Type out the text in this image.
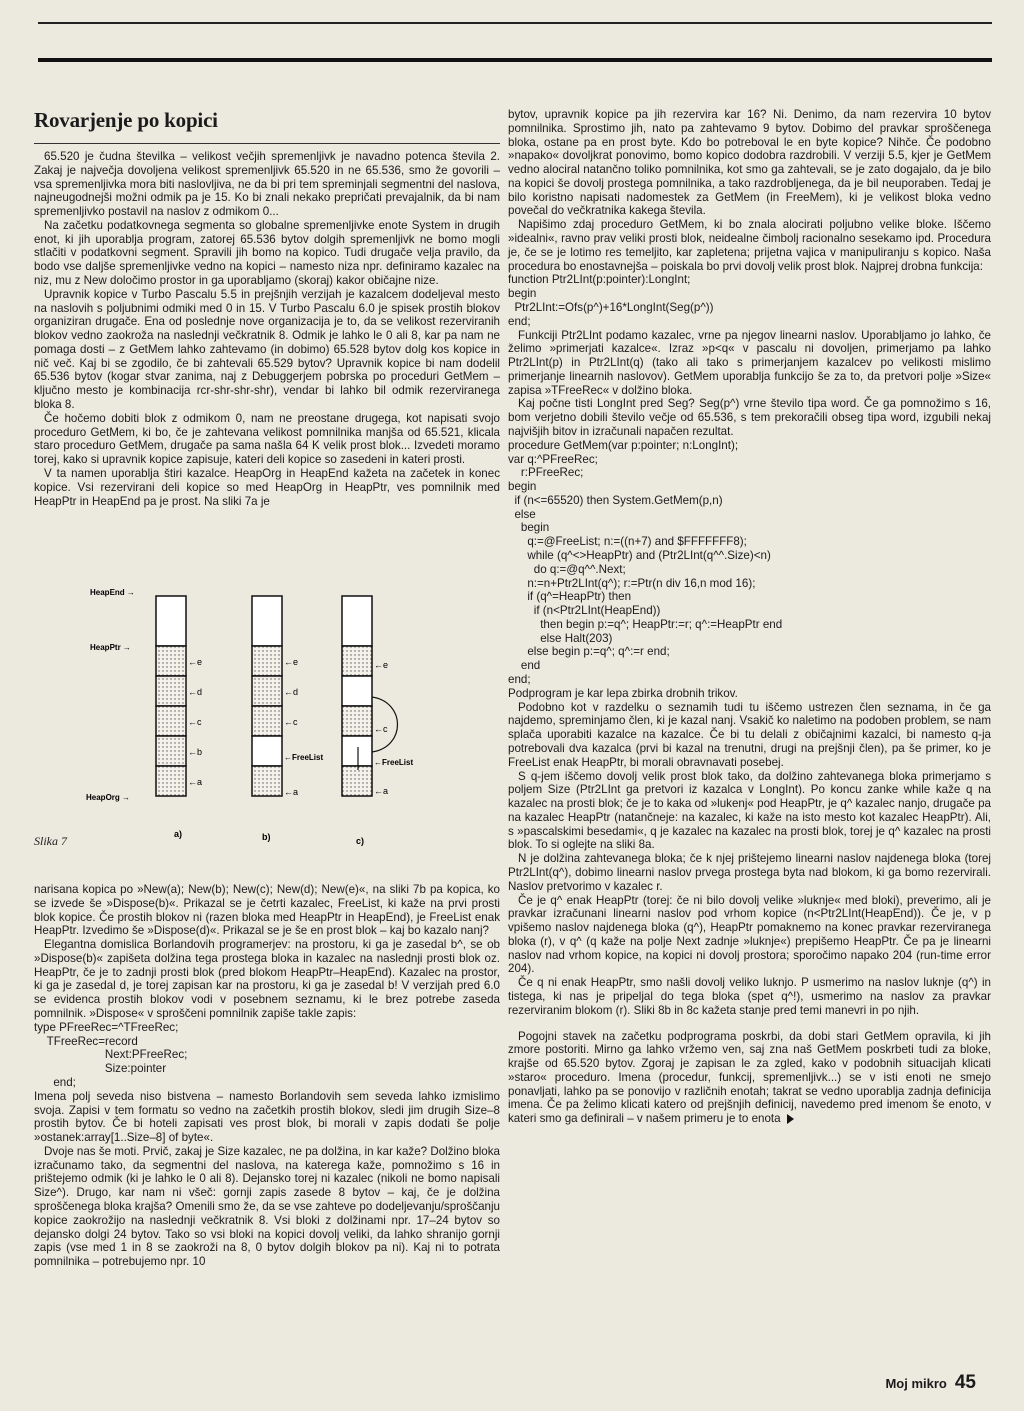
Rovarjenje po kopici

65.520 je čudna številka – velikost večjih spremenljivk je navadno potenca števila 2. Zakaj je največja dovoljena velikost spremenljivk 65.520 in ne 65.536, smo že govorili – vsa spremenljivka mora biti naslovljiva, ne da bi pri tem spreminjali segmentni del naslova, najneugodnejši možni odmik pa je 15. Ko bi znali nekako prepričati prevajalnik, da bi nam spremenljivko postavil na naslov z odmikom 0...

Na začetku podatkovnega segmenta so globalne spremenljivke enote System in drugih enot, ki jih uporablja program, zatorej 65.536 bytov dolgih spremenljivk ne bomo mogli stlačiti v podatkovni segment. Spravili jih bomo na kopico. Tudi drugače velja pravilo, da bodo vse daljše spremenljivke vedno na kopici – namesto niza npr. definiramo kazalec na niz, mu z New določimo prostor in ga uporabljamo (skoraj) kakor običajne nize.

Upravnik kopice v Turbo Pascalu 5.5 in prejšnjih verzijah je kazalcem dodeljeval mesto na naslovih s poljubnimi odmiki med 0 in 15. V Turbo Pascalu 6.0 je spisek prostih blokov organiziran drugače. Ena od poslednje nove organizacija je to, da se velikost rezerviranih blokov vedno zaokroža na naslednji večkratnik 8. Odmik je lahko le 0 ali 8, kar pa nam ne pomaga dosti – z GetMem lahko zahtevamo (in dobimo) 65.528 bytov dolg kos kopice in nič več. Kaj bi se zgodilo, če bi zahtevali 65.529 bytov? Upravnik kopice bi nam dodelil 65.536 bytov (kogar stvar zanima, naj z Debuggerjem pobrska po proceduri GetMem – ključno mesto je kombinacija rcr-shr-shr-shr), vendar bi lahko bil odmik rezerviranega bloka 8.

Če hočemo dobiti blok z odmikom 0, nam ne preostane drugega, kot napisati svojo proceduro GetMem, ki bo, če je zahtevana velikost pomnilnika manjša od 65.521, klicala staro proceduro GetMem, drugače pa sama našla 64 K velik prost blok... Izvedeti moramo torej, kako si upravnik kopice zapisuje, kateri deli kopice so zasedeni in kateri prosti.

V ta namen uporablja štiri kazalce. HeapOrg in HeapEnd kažeta na začetek in konec kopice. Vsi rezervirani deli kopice so med HeapOrg in HeapPtr, ves pomnilnik med HeapPtr in HeapEnd pa je prost. Na sliki 7a je

HeapEnd →
HeapPtr →
HeapOrg →
←e
←d
←c
←b
←a
a)
←e
←d
←c
←FreeList
←a
b)
←e
←c
←FreeList
←a
c)
Slika 7

narisana kopica po »New(a); New(b); New(c); New(d); New(e)«, na sliki 7b pa kopica, ko se izvede še »Dispose(b)«. Prikazal se je četrti kazalec, FreeList, ki kaže na prvi prosti blok kopice. Če prostih blokov ni (razen bloka med HeapPtr in HeapEnd), je FreeList enak HeapPtr. Izvedimo še »Dispose(d)«. Prikazal se je še en prost blok – kaj bo kazalo nanj?

Elegantna domislica Borlandovih programerjev: na prostoru, ki ga je zasedal b^, se ob »Dispose(b)« zapišeta dolžina tega prostega bloka in kazalec na naslednji prosti blok oz. HeapPtr, če je to zadnji prosti blok (pred blokom HeapPtr–HeapEnd). Kazalec na prostor, ki ga je zasedal d, je torej zapisan kar na prostoru, ki ga je zasedal b! V verzijah pred 6.0 se evidenca prostih blokov vodi v posebnem seznamu, ki le brez potrebe zaseda pomnilnik. »Dispose« v sproščeni pomnilnik zapiše takle zapis:

type PFreeRec=^TFreeRec;
TFreeRec=record
Next:PFreeRec;
Size:pointer
end;

Imena polj seveda niso bistvena – namesto Borlandovih sem seveda lahko izmislimo svoja. Zapisi v tem formatu so vedno na začetkih prostih blokov, sledi jim drugih Size–8 prostih bytov. Če bi hoteli zapisati ves prost blok, bi morali v zapis dodati še polje »ostanek:array[1..Size–8] of byte«.

Dvoje nas še moti. Prvič, zakaj je Size kazalec, ne pa dolžina, in kar kaže? Dolžino bloka izračunamo tako, da segmentni del naslova, na katerega kaže, pomnožimo s 16 in prištejemo odmik (ki je lahko le 0 ali 8). Dejansko torej ni kazalec (nikoli ne bomo napisali Size^). Drugo, kar nam ni všeč: gornji zapis zasede 8 bytov – kaj, če je dolžina sproščenega bloka krajša? Omenili smo že, da se vse zahteve po dodeljevanju/sproščanju kopice zaokrožijo na naslednji večkratnik 8. Vsi bloki z dolžinami npr. 17–24 bytov so dejansko dolgi 24 bytov. Tako so vsi bloki na kopici dovolj veliki, da lahko shranijo gornji zapis (vse med 1 in 8 se zaokroži na 8, 0 bytov dolgih blokov pa ni). Kaj ni to potrata pomnilnika – potrebujemo npr. 10

bytov, upravnik kopice pa jih rezervira kar 16? Ni. Denimo, da nam rezervira 10 bytov pomnilnika. Sprostimo jih, nato pa zahtevamo 9 bytov. Dobimo del pravkar sproščenega bloka, ostane pa en prost byte. Kdo bo potreboval le en byte kopice? Nihče. Če podobno »napako« dovoljkrat ponovimo, bomo kopico dodobra razdrobili. V verziji 5.5, kjer je GetMem vedno alociral natančno toliko pomnilnika, kot smo ga zahtevali, se je zato dogajalo, da je bilo na kopici še dovolj prostega pomnilnika, a tako razdrobljenega, da je bil neuporaben. Tedaj je bilo koristno napisati nadomestek za GetMem (in FreeMem), ki je velikost bloka vedno povečal do večkratnika kakega števila.

Napišimo zdaj proceduro GetMem, ki bo znala alocirati poljubno velike bloke. Iščemo »idealni«, ravno prav veliki prosti blok, neidealne čimbolj racionalno sesekamo ipd. Procedura je, če se je lotimo res temeljito, kar zapletena; prijetna vajica v manipuliranju s kopico. Naša procedura bo enostavnejša – poiskala bo prvi dovolj velik prost blok. Najprej drobna funkcija:

function Ptr2LInt(p:pointer):LongInt;
begin
Ptr2LInt:=Ofs(p^)+16*LongInt(Seg(p^))
end;

Funkciji Ptr2LInt podamo kazalec, vrne pa njegov linearni naslov. Uporabljamo jo lahko, če želimo »primerjati kazalce«. Izraz »p<q« v pascalu ni dovoljen, primerjamo pa lahko Ptr2LInt(p) in Ptr2LInt(q) (tako ali tako s primerjanjem kazalcev po velikosti mislimo primerjanje linearnih naslovov). GetMem uporablja funkcijo še za to, da pretvori polje »Size« zapisa »TFreeRec« v dolžino bloka.

Kaj počne tisti LongInt pred Seg? Seg(p^) vrne število tipa word. Če ga pomnožimo s 16, bom verjetno dobili število večje od 65.536, s tem prekoračili obseg tipa word, izgubili nekaj najvišjih bitov in izračunali napačen rezultat.

procedure GetMem(var p:pointer; n:LongInt);
var q:^PFreeRec;
r:PFreeRec;
begin
if (n<=65520) then System.GetMem(p,n)
else
begin
q:=@FreeList; n:=((n+7) and $FFFFFFF8);
while (q^<>HeapPtr) and (Ptr2LInt(q^^.Size)<n)
do q:=@q^^.Next;
n:=n+Ptr2LInt(q^); r:=Ptr(n div 16,n mod 16);
if (q^=HeapPtr) then
if (n<Ptr2LInt(HeapEnd))
then begin p:=q^; HeapPtr:=r; q^:=HeapPtr end
else Halt(203)
else begin p:=q^; q^:=r end;
end
end;

Podprogram je kar lepa zbirka drobnih trikov.

Podobno kot v razdelku o seznamih tudi tu iščemo ustrezen člen seznama, in če ga najdemo, spreminjamo člen, ki je kazal nanj. Vsakič ko naletimo na podoben problem, se nam splača uporabiti kazalce na kazalce. Če bi tu delali z običajnimi kazalci, bi namesto q-ja potrebovali dva kazalca (prvi bi kazal na trenutni, drugi na prejšnji člen), pa še primer, ko je FreeList enak HeapPtr, bi morali obravnavati posebej.

S q-jem iščemo dovolj velik prost blok tako, da dolžino zahtevanega bloka primerjamo s poljem Size (Ptr2LInt ga pretvori iz kazalca v LongInt). Po koncu zanke while kaže q na kazalec na prosti blok; če je to kaka od »lukenj« pod HeapPtr, je q^ kazalec nanjo, drugače pa na kazalec HeapPtr (natančneje: na kazalec, ki kaže na isto mesto kot kazalec HeapPtr). Ali, s »pascalskimi besedami«, q je kazalec na kazalec na prosti blok, torej je q^ kazalec na prosti blok. To si oglejte na sliki 8a.

N je dolžina zahtevanega bloka; če k njej prištejemo linearni naslov najdenega bloka (torej Ptr2LInt(q^), dobimo linearni naslov prvega prostega byta nad blokom, ki ga bomo rezervirali. Naslov pretvorimo v kazalec r.

Če je q^ enak HeapPtr (torej: če ni bilo dovolj velike »luknje« med bloki), preverimo, ali je pravkar izračunani linearni naslov pod vrhom kopice (n<Ptr2LInt(HeapEnd)). Če je, v p vpišemo naslov najdenega bloka (q^), HeapPtr pomaknemo na konec pravkar rezerviranega bloka (r), v q^ (q kaže na polje Next zadnje »luknje«) prepišemo HeapPtr. Če pa je linearni naslov nad vrhom kopice, na kopici ni dovolj prostora; sporočimo napako 204 (run-time error 204).

Če q ni enak HeapPtr, smo našli dovolj veliko luknjo. P usmerimo na naslov luknje (q^) in tistega, ki nas je pripeljal do tega bloka (spet q^!), usmerimo na naslov za pravkar rezerviranim blokom (r). Sliki 8b in 8c kažeta stanje pred temi manevri in po njih.

Pogojni stavek na začetku podprograma poskrbi, da dobi stari GetMem opravila, ki jih zmore postoriti. Mirno ga lahko vržemo ven, saj zna naš GetMem poskrbeti tudi za bloke, krajše od 65.520 bytov. Zgoraj je zapisan le za zgled, kako v podobnih situacijah klicati »staro« proceduro. Imena (procedur, funkcij, spremenljivk...) se v isti enoti ne smejo ponavljati, lahko pa se ponovijo v različnih enotah; takrat se vedno uporablja zadnja definicija imena. Če pa želimo klicati katero od prejšnjih definicij, navedemo pred imenom še enoto, v kateri smo ga definirali – v našem primeru je to enota

Moj mikro 45
